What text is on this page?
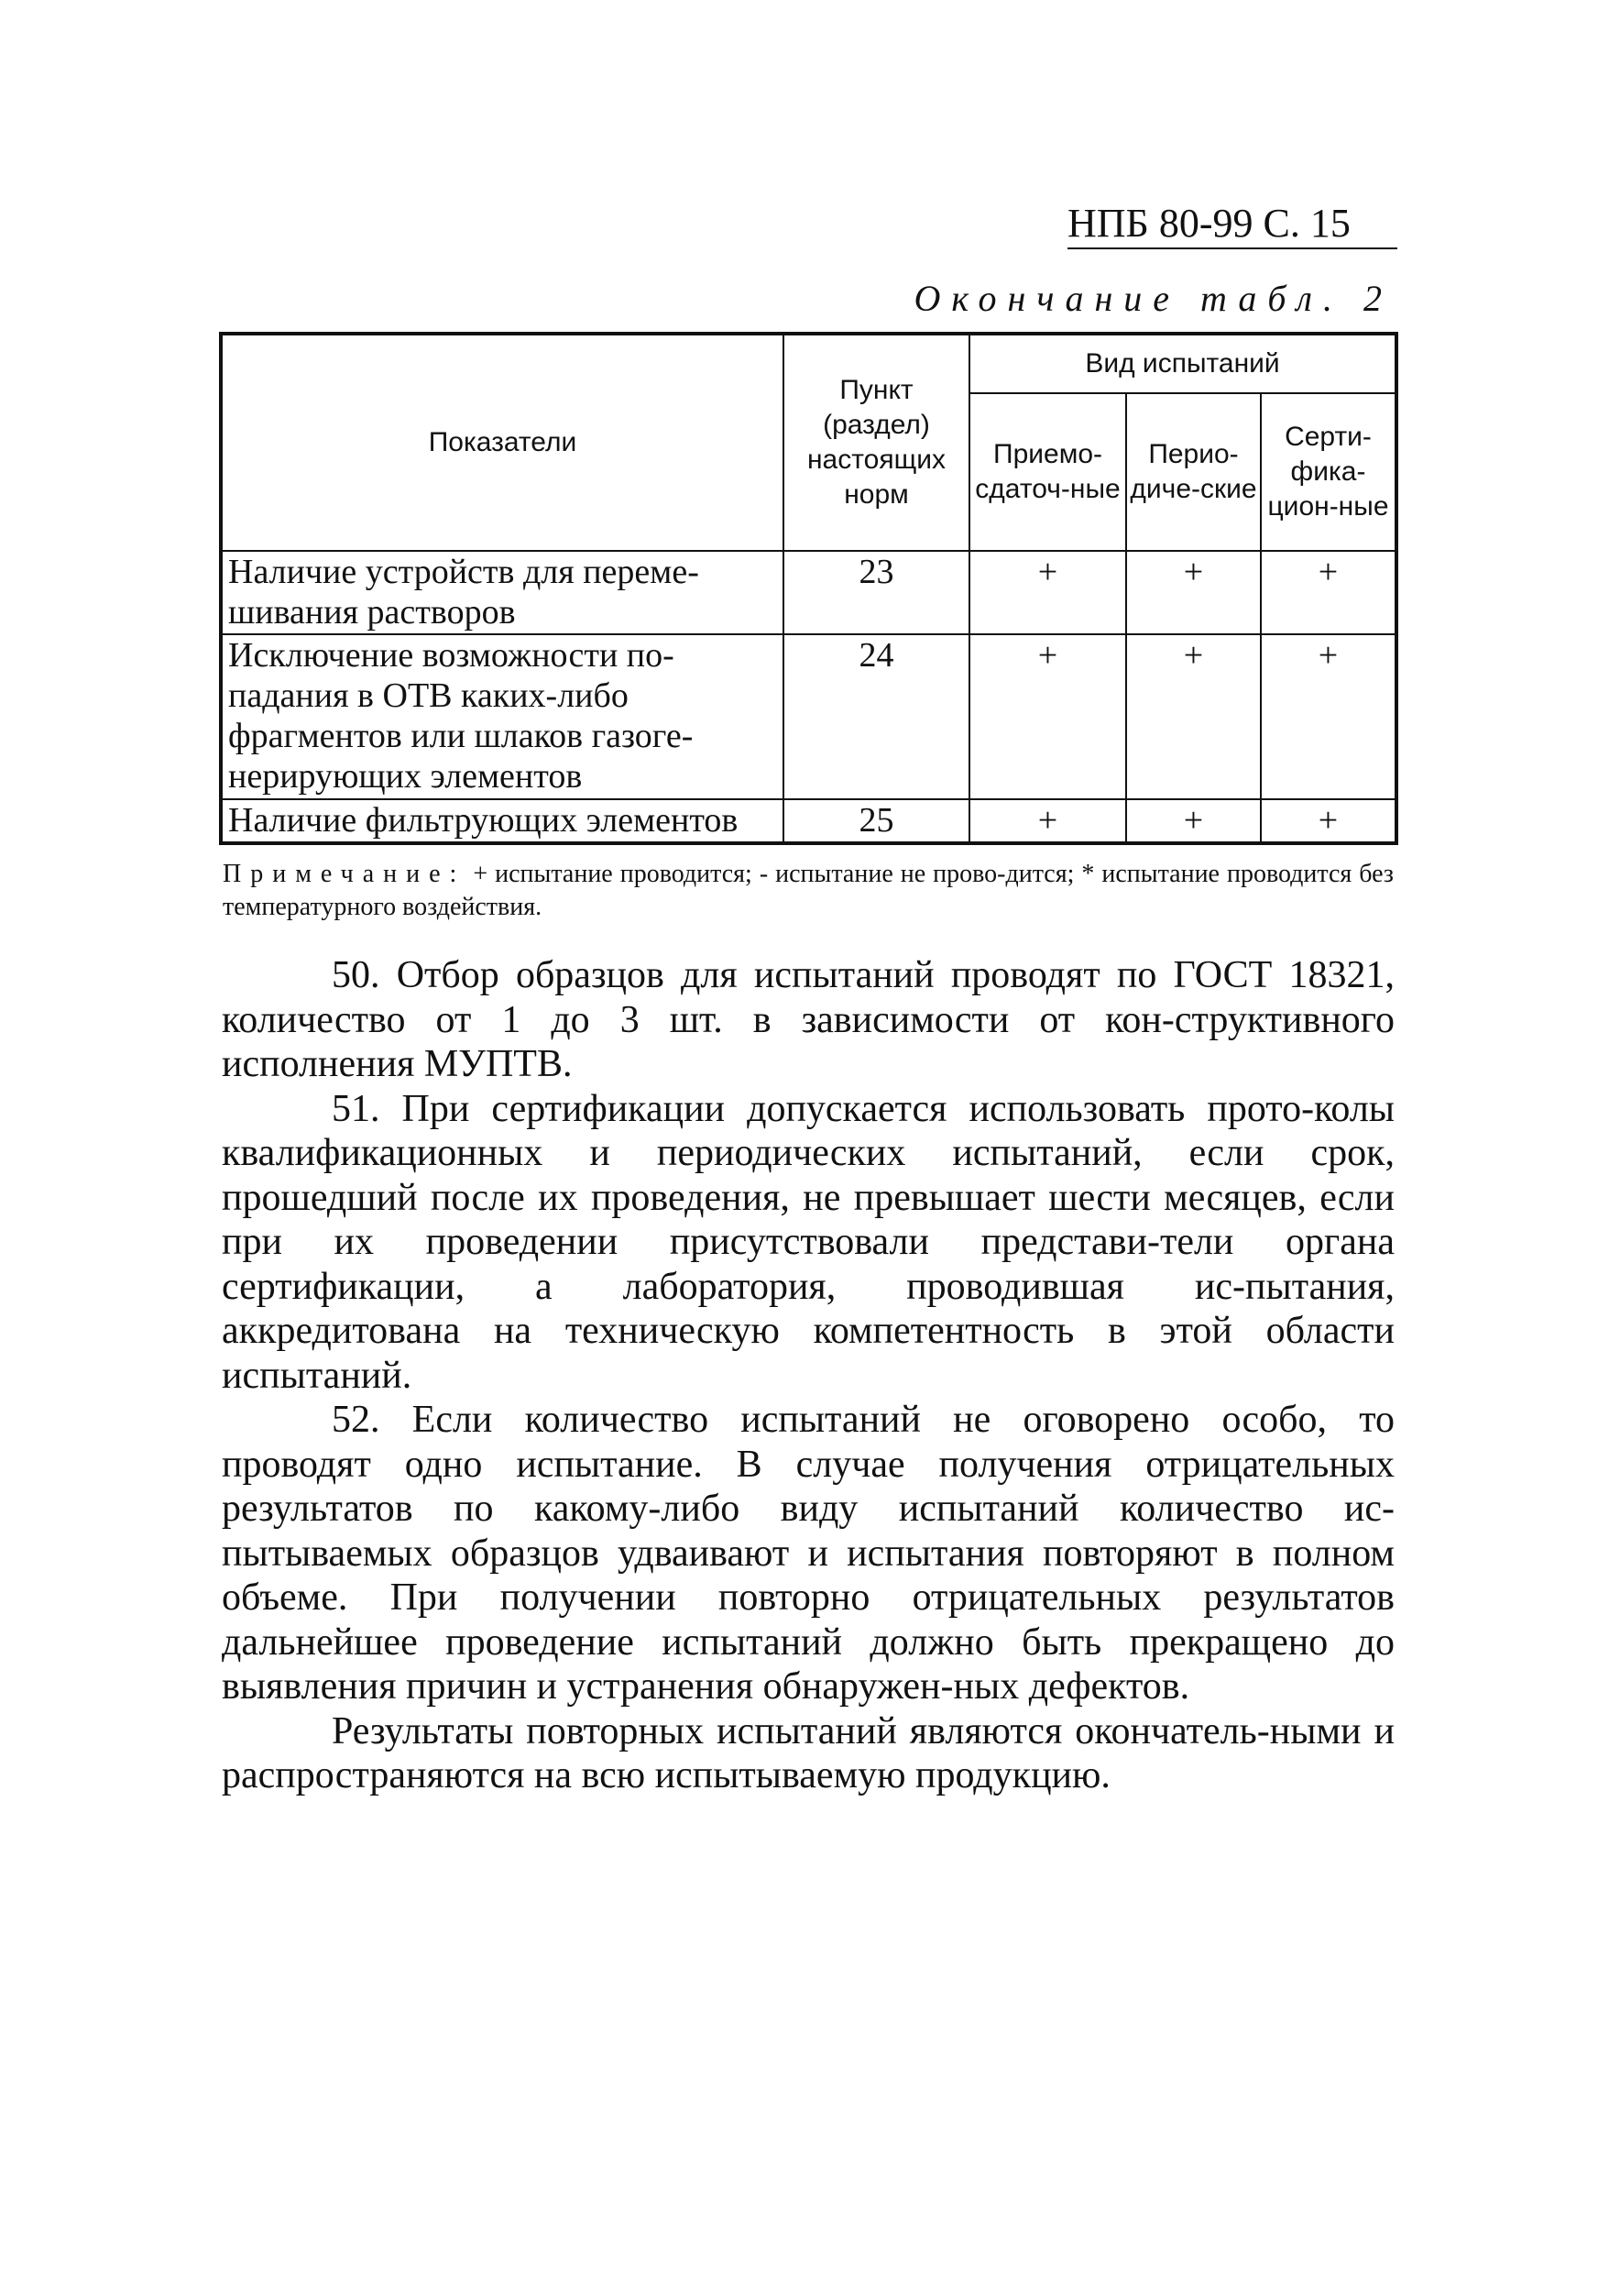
НПБ 80-99 С. 15
Окончание табл. 2
Показатели	Пункт (раздел) настоящих норм	Вид испытаний		
		Приемо-сдаточ-ные	Перио-диче-ские	Серти-фика-цион-ные
Наличие устройств для переме-шивания растворов	23	+	+	+
Исключение возможности по-падания в ОТВ каких-либо фрагментов или шлаков газоге-нерирующих элементов	24	+	+	+
Наличие фильтрующих элементов	25	+	+	+
Примечание: + испытание проводится; - испытание не прово-дится; * испытание проводится без температурного воздействия.

50. Отбор образцов для испытаний проводят по ГОСТ 18321, количество от 1 до 3 шт. в зависимости от кон-структивного исполнения МУПТВ.

51. При сертификации допускается использовать прото-колы квалификационных и периодических испытаний, если срок, прошедший после их проведения, не превышает шести месяцев, если при их проведении присутствовали представи-тели органа сертификации, а лаборатория, проводившая ис-пытания, аккредитована на техническую компетентность в этой области испытаний.

52. Если количество испытаний не оговорено особо, то проводят одно испытание. В случае получения отрицательных результатов по какому-либо виду испытаний количество ис-пытываемых образцов удваивают и испытания повторяют в полном объеме. При получении повторно отрицательных результатов дальнейшее проведение испытаний должно быть прекращено до выявления причин и устранения обнаружен-ных дефектов.

Результаты повторных испытаний являются окончатель-ными и распространяются на всю испытываемую продукцию.
